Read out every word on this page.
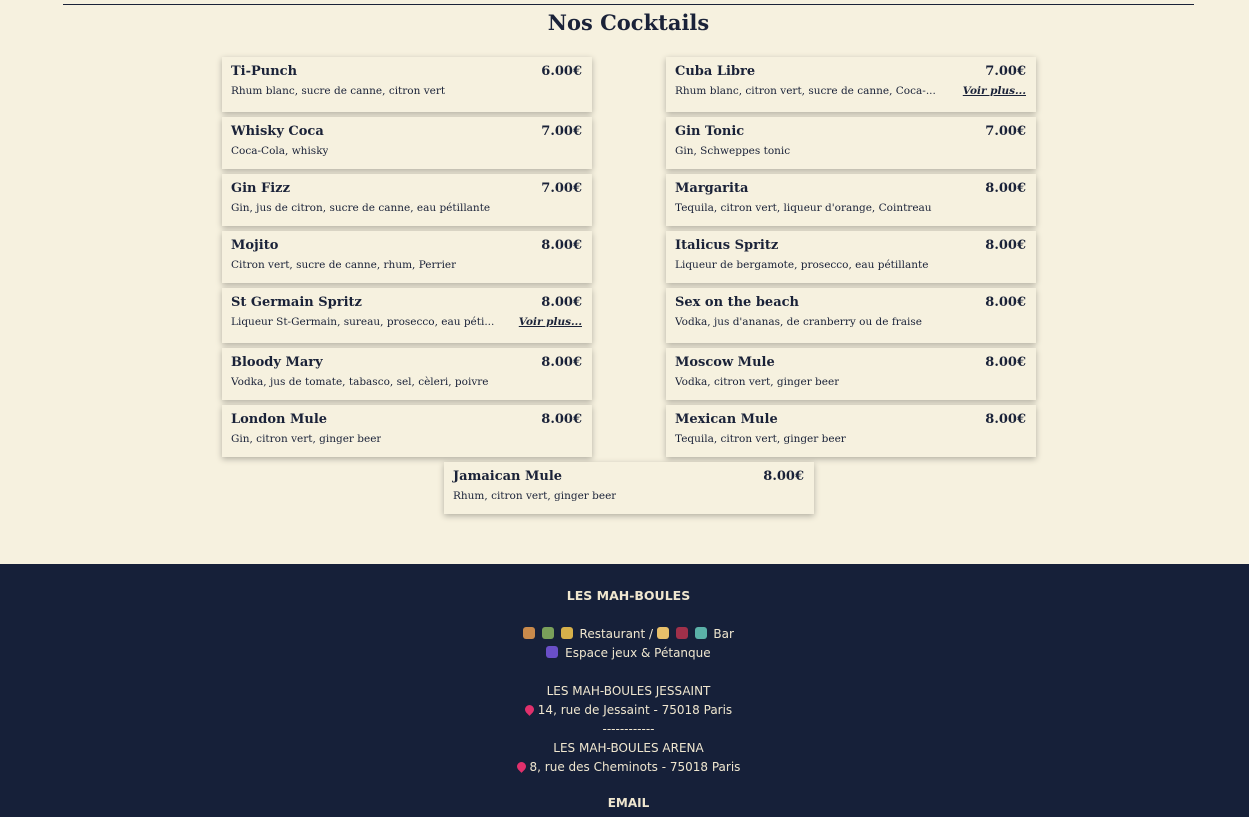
Nos Cocktails
Ti-Punch	6.00€
Rhum blanc, sucre de canne, citron vert
Whisky Coca	7.00€
Coca-Cola, whisky
Gin Fizz	7.00€
Gin, jus de citron, sucre de canne, eau pétillante
Mojito	8.00€
Citron vert, sucre de canne, rhum, Perrier
St Germain Spritz	8.00€
Liqueur St-Germain, sureau, prosecco, eau péti... Voir plus...
Bloody Mary	8.00€
Vodka, jus de tomate, tabasco, sel, cèleri, poivre
London Mule	8.00€
Gin, citron vert, ginger beer
Cuba Libre	7.00€
Rhum blanc, citron vert, sucre de canne, Coca-...	Voir plus...
Gin Tonic	7.00€
Gin, Schweppes tonic
Margarita	8.00€
Tequila, citron vert, liqueur d'orange, Cointreau
Italicus Spritz	8.00€
Liqueur de bergamote, prosecco, eau pétillante
Sex on the beach	8.00€
Vodka, jus d'ananas, de cranberry ou de fraise
Moscow Mule	8.00€
Vodka, citron vert, ginger beer
Mexican Mule	8.00€
Tequila, citron vert, ginger beer
Jamaican Mule	8.00€
Rhum, citron vert, ginger beer
LES MAH-BOULES
Restaurant /	Bar
Espace jeux & Pétanque
LES MAH-BOULES JESSAINT
14, rue de Jessaint - 75018 Paris
------------
LES MAH-BOULES ARENA
8, rue des Cheminots - 75018 Paris
EMAIL
